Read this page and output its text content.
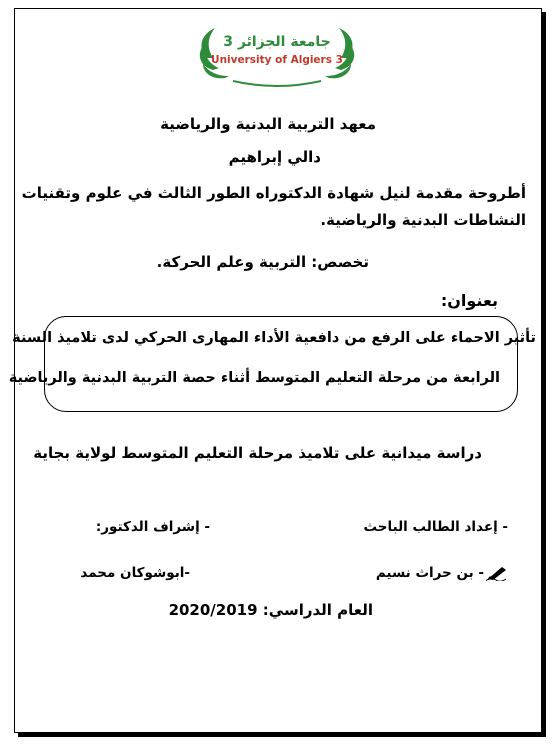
جامعة الجزائر 3
University of Algiers 3
معهد التربية البدنية والرياضية
دالي إبراهيم
أطروحة مقدمة لنيل شهادة الدكتوراه الطور الثالث في علوم وتقنيات
النشاطات البدنية والرياضية.
تخصص: التربية وعلم الحركة.
بعنوان:
تأثير الاحماء على الرفع من دافعية الأداء المهارى الحركي لدى تلاميذ السنة
الرابعة من مرحلة التعليم المتوسط أثناء حصة التربية البدنية والرياضية
دراسة ميدانية على تلاميذ مرحلة التعليم المتوسط لولاية بجاية
- إعداد الطالب الباحث
- إشراف الدكتور:
- بن حراث نسيم
-ابوشوكان محمد
العام الدراسي: 2020/2019
